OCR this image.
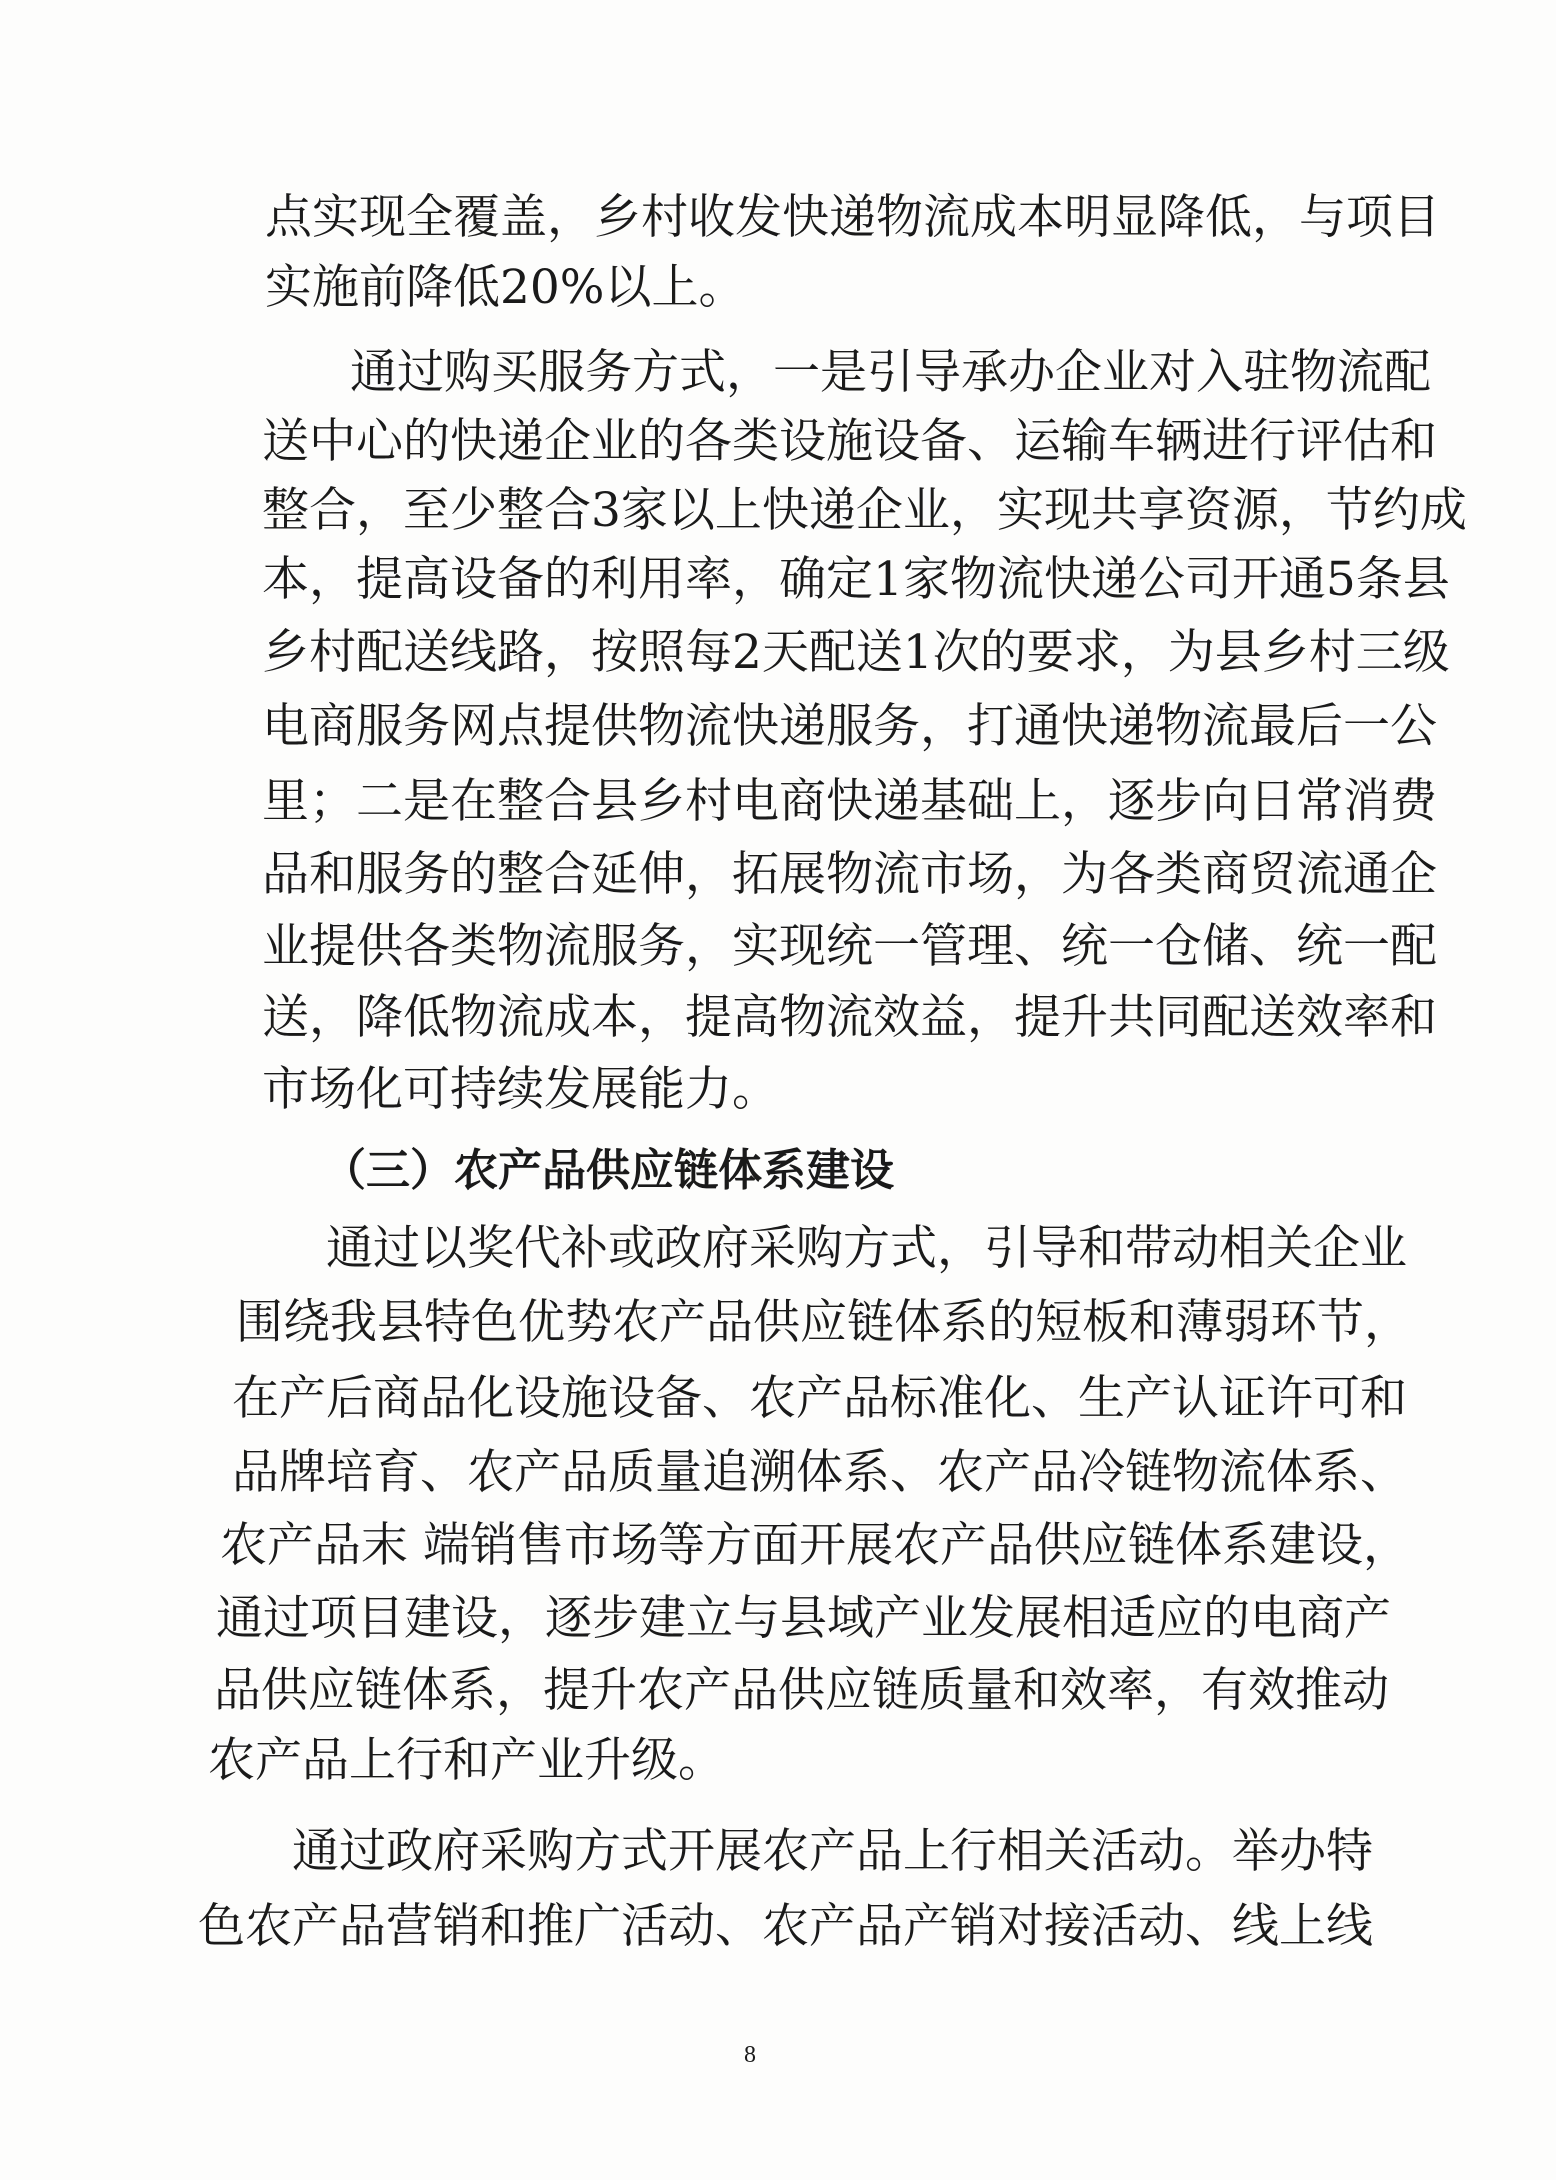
点实现全覆盖，乡村收发快递物流成本明显降低，与项目
实施前降低20%以上。
通过购买服务方式，一是引导承办企业对入驻物流配
送中心的快递企业的各类设施设备、运输车辆进行评估和
整合，至少整合3家以上快递企业，实现共享资源，节约成
本，提高设备的利用率，确定1家物流快递公司开通5条县
乡村配送线路，按照每2天配送1次的要求，为县乡村三级
电商服务网点提供物流快递服务，打通快递物流最后一公
里；二是在整合县乡村电商快递基础上，逐步向日常消费
品和服务的整合延伸，拓展物流市场，为各类商贸流通企
业提供各类物流服务，实现统一管理、统一仓储、统一配
送，降低物流成本，提高物流效益，提升共同配送效率和
市场化可持续发展能力。
（三）农产品供应链体系建设
通过以奖代补或政府采购方式，引导和带动相关企业
围绕我县特色优势农产品供应链体系的短板和薄弱环节，
在产后商品化设施设备、农产品标准化、生产认证许可和
品牌培育、农产品质量追溯体系、农产品冷链物流体系、
农产品末 端销售市场等方面开展农产品供应链体系建设，
通过项目建设，逐步建立与县域产业发展相适应的电商产
品供应链体系，提升农产品供应链质量和效率，有效推动
农产品上行和产业升级。
通过政府采购方式开展农产品上行相关活动。举办特
色农产品营销和推广活动、农产品产销对接活动、线上线
8
